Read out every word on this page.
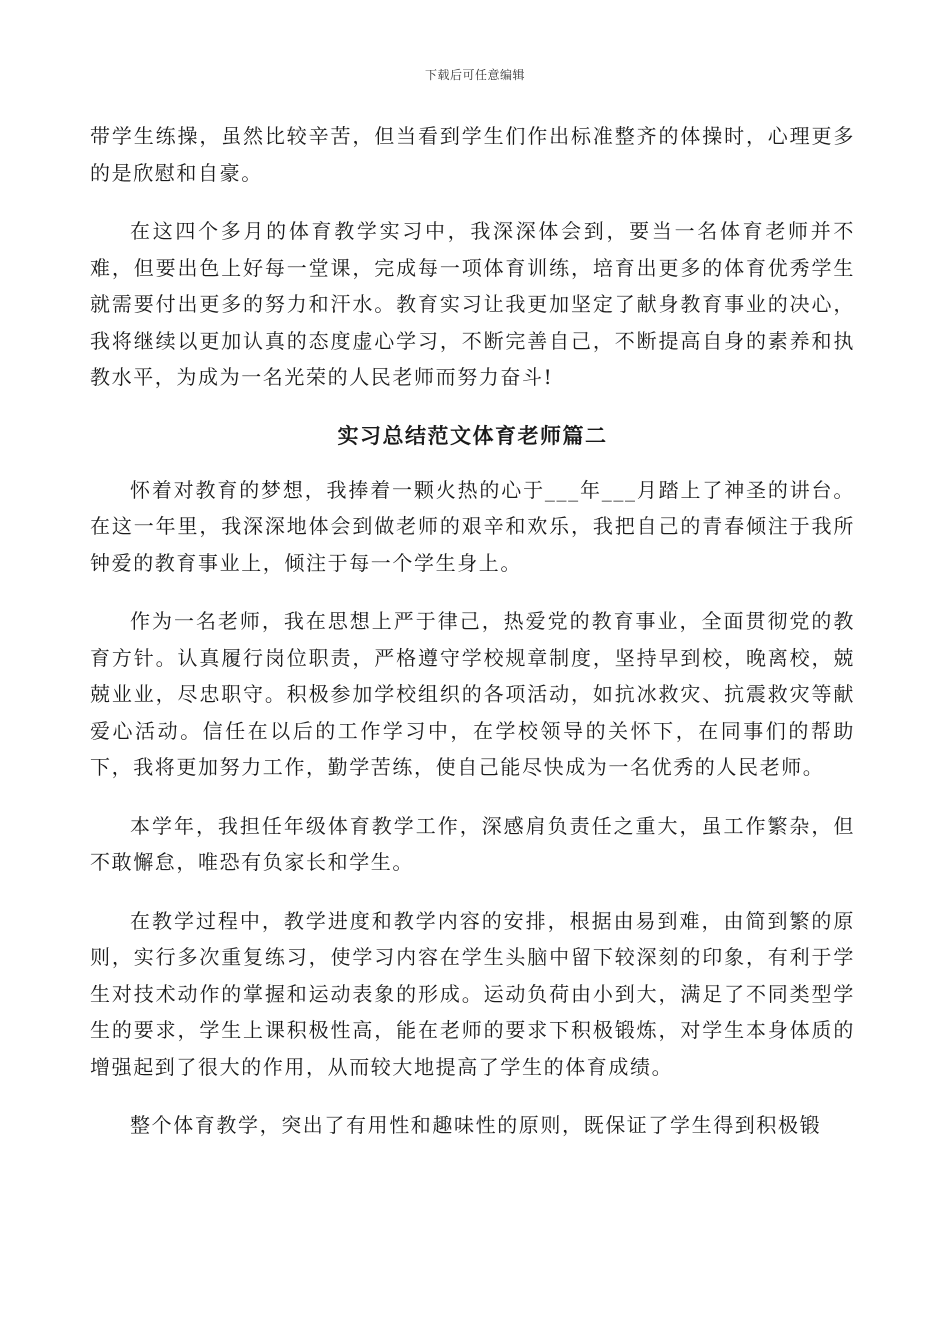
下载后可任意编辑

带学生练操，虽然比较辛苦，但当看到学生们作出标准整齐的体操时，心理更多的是欣慰和自豪。

在这四个多月的体育教学实习中，我深深体会到，要当一名体育老师并不难，但要出色上好每一堂课，完成每一项体育训练，培育出更多的体育优秀学生就需要付出更多的努力和汗水。教育实习让我更加坚定了献身教育事业的决心，我将继续以更加认真的态度虚心学习，不断完善自己，不断提高自身的素养和执教水平，为成为一名光荣的人民老师而努力奋斗!

实习总结范文体育老师篇二

怀着对教育的梦想，我捧着一颗火热的心于___年___月踏上了神圣的讲台。在这一年里，我深深地体会到做老师的艰辛和欢乐，我把自己的青春倾注于我所钟爱的教育事业上，倾注于每一个学生身上。

作为一名老师，我在思想上严于律己，热爱党的教育事业，全面贯彻党的教育方针。认真履行岗位职责，严格遵守学校规章制度，坚持早到校，晚离校，兢兢业业，尽忠职守。积极参加学校组织的各项活动，如抗冰救灾、抗震救灾等献爱心活动。信任在以后的工作学习中，在学校领导的关怀下，在同事们的帮助下，我将更加努力工作，勤学苦练，使自己能尽快成为一名优秀的人民老师。

本学年，我担任年级体育教学工作，深感肩负责任之重大，虽工作繁杂，但不敢懈怠，唯恐有负家长和学生。

在教学过程中，教学进度和教学内容的安排，根据由易到难，由简到繁的原则，实行多次重复练习，使学习内容在学生头脑中留下较深刻的印象，有利于学生对技术动作的掌握和运动表象的形成。运动负荷由小到大，满足了不同类型学生的要求，学生上课积极性高，能在老师的要求下积极锻炼，对学生本身体质的增强起到了很大的作用，从而较大地提高了学生的体育成绩。

整个体育教学，突出了有用性和趣味性的原则，既保证了学生得到积极锻
